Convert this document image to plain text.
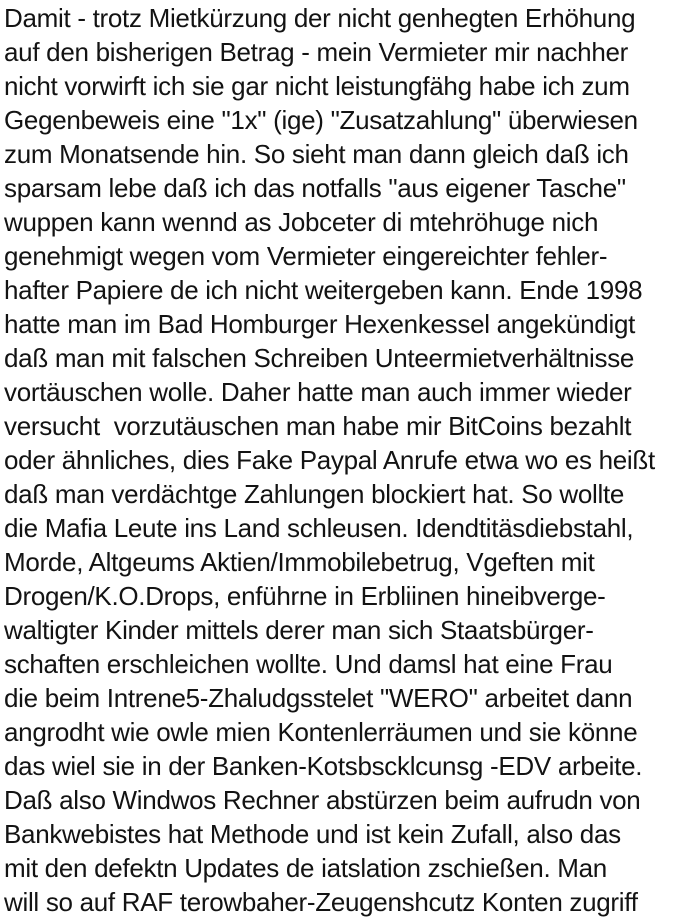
Damit - trotz Mietkürzung der nicht genhegten Erhöhung
auf den bisherigen Betrag - mein Vermieter mir nachher
nicht vorwirft ich sie gar nicht leistungfähg habe ich zum
Gegenbeweis eine "1x" (ige) "Zusatzahlung" überwiesen
zum Monatsende hin. So sieht man dann gleich daß ich
sparsam lebe daß ich das notfalls "aus eigener Tasche"
wuppen kann wennd as Jobceter di mtehröhuge nich
genehmigt wegen vom Vermieter eingereichter fehler-
hafter Papiere de ich nicht weitergeben kann. Ende 1998
hatte man im Bad Homburger Hexenkessel angekündigt
daß man mit falschen Schreiben Unteermietverhältnisse
vortäuschen wolle. Daher hatte man auch immer wieder
versucht  vorzutäuschen man habe mir BitCoins bezahlt
oder ähnliches, dies Fake Paypal Anrufe etwa wo es heißt
daß man verdächtge Zahlungen blockiert hat. So wollte
die Mafia Leute ins Land schleusen. Idendtitäsdiebstahl,
Morde, Altgeums Aktien/Immobilebetrug, Vgeften mit
Drogen/K.O.Drops, enführne in Erbliinen hineibverge-
waltigter Kinder mittels derer man sich Staatsbürger-
schaften erschleichen wollte. Und damsl hat eine Frau
die beim Intrene5-Zhaludgsstelet "WERO" arbeitet dann
angrodht wie owle mien Kontenlerräumen und sie könne
das wiel sie in der Banken-Kotsbscklcunsg -EDV arbeite.
Daß also Windwos Rechner abstürzen beim aufrudn von
Bankwebistes hat Methode und ist kein Zufall, also das
mit den defektn Updates de iatslation zschießen. Man
will so auf RAF terowbaher-Zeugenshcutz Konten zugriff
